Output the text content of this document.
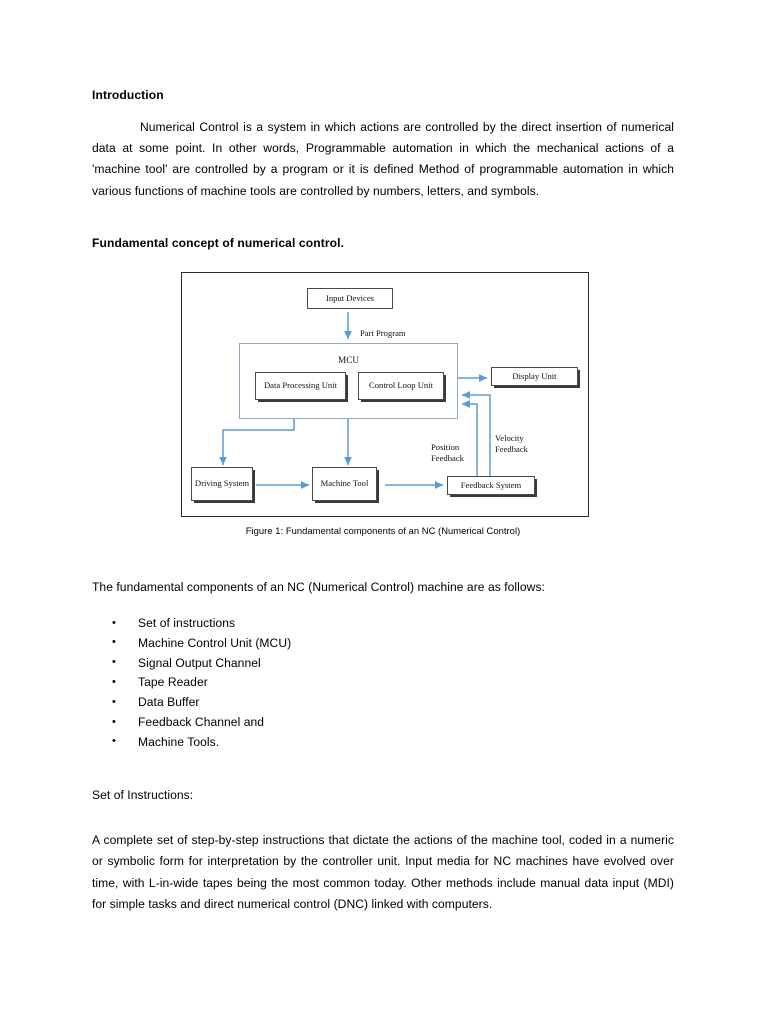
Introduction

Numerical Control is a system in which actions are controlled by the direct insertion of numerical data at some point. In other words, Programmable automation in which the mechanical actions of a 'machine tool' are controlled by a program or it is defined Method of programmable automation in which various functions of machine tools are controlled by numbers, letters, and symbols.

Fundamental concept of numerical control.
Input Devices

Part Program

MCU
Data Processing Unit	Control Loop Unit
Display Unit

Position
Feedback

Velocity
Feedback

Driving System	Machine Tool	Feedback System
Figure 1: Fundamental components of an NC (Numerical Control)

The fundamental components of an NC (Numerical Control) machine are as follows:

• Set of instructions
• Machine Control Unit (MCU)
• Signal Output Channel
• Tape Reader
• Data Buffer
• Feedback Channel and
• Machine Tools.

Set of Instructions:

A complete set of step-by-step instructions that dictate the actions of the machine tool, coded in a numeric or symbolic form for interpretation by the controller unit. Input media for NC machines have evolved over time, with L-in-wide tapes being the most common today. Other methods include manual data input (MDI) for simple tasks and direct numerical control (DNC) linked with computers.
